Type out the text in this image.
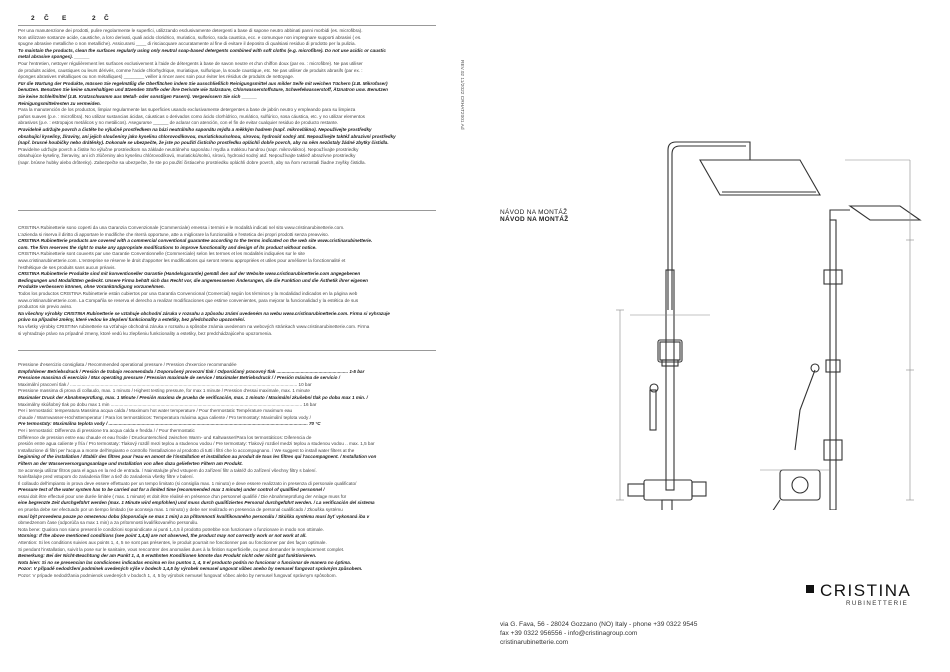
2 Č E	2 Č
Per una manutenzione dei prodotti, pulire regolarmente le superfici, utilizzando esclusivamente detergenti a base di sapone neutro abbinati panni morbidi (es. microfibra).
Non utilizzare sostanze acide, caustiche, a loro derivati, quali acido cloridrico, muriatico, sulforico, soda caustica, ecc. e comunque non impregnare supporti abrasivi ( es.
spugne abrasive metalliche o non metalliche). Assicurarsi ____ di risciacquare accuratamente al fine di evitare il deposito di qualsiasi residuo di prodotto per la pulizia.
To maintain the products, clean the surfaces regularly using only neutral soap-based detergents combined with soft cloths (e.g. microfibre). Do not use acidic or caustic
metal abrasive sponges). ______
Pour l'entretien, nettoyer régulièrement les surfaces exclusivement à l'aide de détergents à base de savon neutre et d'un chiffon doux (par ex. : microfibre). Ne pas utiliser
de produits acides, caustiques ou leurs dérivés, comme l'acide chlorhydrique, muriatique, sulfurique, la soude caustique, etc. Ne pas utiliser de produits abrasifs (par ex. :
éponges abrasives métalliques ou non métalliques) ________ veiller à rincer avec soin pour éviter les résidus de produits de nettoyage.
Für die Wartung der Produkte, müssen Sie regelmäßig die Oberflächen indem Sie ausschließlich Reinigungsmittel aus milder Seife mit weichen Tüchern (z.B. Mikrofaser)
benutzen. Benutzen Sie keine säurehaltigen und ätzenden Stoffe oder ihre Derivate wie Salzsäure, Chlorwasserstoffsäure, Schwefelwasserstoff, Ätznatron usw. Benutzen
Sie keine Schleifmittel (z.B. Kratzschwamm aus Metall- oder sonstigen Fasern). Vergewissern Sie sich ______
Reinigungsmittelresten zu vermeiden.
Para la manutención de los productos, limpiar regularmente las superficies usando exclusivamente detergentes a base de jabón neutro y empleando para su limpieza
paños suaves (p.e. : microfibra). No utilizar sustancias ácidas, cáusticas o derivados como ácido clorhídrico, muriático, sulfúrico, sosa cáustica, etc. y no utilizar elementos
abrasivos (p.e. : estropajos metálicos y no metálicos). Asegurarse ______ de aclarar con atención, con el fin de evitar cualquier residuo de producto restante.
Pravidelně udržujte povrch a čistěte ho výlučně prostředkem na bázi neutrálního saponátu mýdla a měkkým hadrem (např. mikrovlákno). Nepoužívejte prostředky
obsahující kyseliny, žíraviny, ani jejich sloučeniny jako kyselinu chlorovodíkovou, muriatickou/solnou, sírovou, hydroxid sodný atd. Nepoužívejte taktéž abrazivní prostředky
(např. brusné houbičky nebo drátěnky). Dokonale se ubezpečte, že jste po použití čisticího prostředku opláchli dobře povrch, aby na něm nezůstaly žádné zbytky čistidla.
Pravidelne udržujte povrch a čistite ho výlučne prostriedkom na základe neutrálneho saponátu / mydla a mäkkou handrou (napr. mikrovlákno). Nepoužívajte prostriedky
obsahujúce kyseliny, žieraviny, ani ich zlúčeniny ako kyselinu chlórovodíkovú, muriatickú/solnú, sírovú, hydroxid sodný atď. Nepoužívajte taktiež abrazívne prostriedky
(napr. brúsne hubky alebo drôtenky). Zabezpečte sa ubezpečte, že ste po použití čistiaceho prostriedku opláchli dobre povrch, aby na ňom nezostali žiadne zvyšky čistidla.
CRISTINA Rubinetterie sono coperti da una Garanzia Convenzionale (Commerciale) emessa i termini e le modalità indicati nel sito www.cristinarubinetterie.com.
L'azienda si riserva il diritto di apportare le modifiche che riterrà opportune, atte a migliorare la funzionalità e l'estetica dei propri prodotti senza preavviso.
CRISTINA Rubinetterie products are covered with a commercial conventional guarantee according to the terms indicated on the web site www.cristinarubinetterie.
com. The firm reserves the right to make any appropriate modifications to improve functionality and design of its product without notice.
CRISTINA Rubinetterie sont couverts par une Garantie Conventionnelle (Commerciale) selon les termes et les modalités indiquées sur le site
www.cristinarubinetterie.com. L'entreprise se réserve le droit d'apporter les modifications qui seront retenu appropriées et utiles pour améliorer la fonctionnalité et
l'esthétique de ses produits sans aucun préavis.
CRISTINA Rubinetterie Produkte sind mit konventioneller Garantie (Handelsgarantie) gemäß den auf der Website www.cristinarubinetterie.com angegebenen
Bedingungen und Modalitäten gedeckt. Unsere Firma behält sich das Recht vor, die angemessenen Änderungen, die die Funktion und die Ästhetik ihrer eigenen
Produkte verbessern können, ohne Vorankündigung vorzunehmen.
Todos los productos CRISTINA Rubinetterie están cubiertos por una Garantía Convencional (Comercial) según los términos y la modalidad indicados en la página web
www.cristinarubinetterie.com. La Compañía se reserva el derecho a realizar modificaciones que estime convenientes, para mejorar la funcionalidad y la estética de sus
productos sin previo aviso.
Na všechny výrobky CRISTINA Rubinetterie se vztahuje obchodní záruka v rozsahu a způsobu známí uvedeném na webu www.cristinarubinetterie.com. Firma si vyhrazuje
právo na případné změny, které vedou ke zlepšení funkcionality a estetiky, bez předchozího upozornění.
Na všetky výrobky CRISTINA rubinetterie sa vzťahuje obchodná záruka v rozsahu a spôsobe známia uvedenom na webových stránkach www.cristinarubinetterie.com. Firma
si vyhradzuje právo na prípadné zmeny, ktoré vedú ku zlepšeniu funkcionality a estetiky, bez predchádzajúceho upozornenia.
Pressione d'esercizio consigliata / Recommended operational pressure / Pression d'exercice recommandée
Empfohlener Betriebsdruck / Presión de trabajo recomendada / Doporučený provozní tlak / Odporúčaný pracovný tlak ........................................................ 1-5 bar
Pressione massima di esercizio / Max operating pressure / Pression maximale de service / Maximaler Betriebsdruck / / Presión máxima de servicio /
Maximální pracovní tlak / .................................................................................................................................................................................. 10 bar
Pressione massima di prova di collaudo, max. 1 minuto / Highest testing pressure, for max 1 minute / Pression d'essai maximale, max. 1 minute
Maximaler Druck der Abnahmeprüfung, max. 1 Minute / Presión maxima de prueba de verificación, max. 1 minuto / Maximální zkušební tlak po dobu max 1 min. /
Maximálny skúšobný tlak po dobu max 1 min ...................................................................................................................................................... 16 bar
Per i termostatici: temperatura Massima acqua calda / Maximum hot water temperature / Pour thermostatic Température maximum eau
chaude / Warmwasser-Höchsttemperatur / Para los termostáticos: Temperatura máxima agua caliente / Pro termostaty: Maximální teplota vody /
Pre termostaty: Maximálna teplota vody / ............................................................................................................................................................ 70 °C
Per i termostatici: Differenza di pressione tra acqua calda e fredda / / Pour thermostatic
Différence de pression entre eau chaude et eau froide / Druckunterschied zwischen Warm- und Kaltwasser/Para los termostáticos: Diferencia de
presión entre agua caliente y fría / Pro termostaty: Tlakový rozdíl mezi teplou a studenou vodou / Pre termostaty: Tlakový rozdiel medzi teplou a studenou vodou .. max. 1,5 bar
Installazione di filtri per l'acqua a monte dell'impianto e controllo l'installazione al prodotto di tutti i filtri che lo accompagnano. / We suggest to install water filters at the
beginning of the installation / Établir des filtres pour l'eau en amont de l'installation et installation au produit de tous les filtres qui l'accompagnent. / Installation von
Filtern an der Wasserversorgungsanlage und Installation von allen dazu gelieferten Filtern am Produkt.
Se aconseja utilizar filtros para el agua en la red de entrada. / Nainstalujte před vstupem do zařízení filtr a taktéž do zařízení všechny filtry s balení.
Nainštalujte pred vstupom do zariadenia filter a tiež do zariadenia všetky filtre v balení.
Il collaudo dell'impianto in prova deve essere effettuato per un tempo limitato (si consiglia max. 1 minuto) e deve essere realizzato in presenza di personale qualificato/
Pressure test of the water system has to be carried out for a limited time (recommended max 1 minute) under control of qualified personnel /
essai doit être effectué pour une durée limitée ( max. 1 minute) et doit être réalisé en présence d'un personnel qualifié / Die Abnahmeprüfung der Anlage muss für
eine begrenzte Zeit durchgeführt werden (max. 1 Minute wird empfohlen) und muss durch qualifiziertes Personal durchgeführt werden. / La verificación del sistema
en prueba debe ser efectuado por un tiempo limitado (se aconseja max. 1 minuto) y debe ser realizado en presencia de personal cualificado / Zkouška systému
musí být provedena pouze po omezenou dobu (doporučuje se max 1 min) a za přítomnosti kvalifikovaného personálu / Skúška systému musí byť vykonaná iba v
obmedzenom čase (odporúča sa max 1 min) a za prítomnosti kvalifikovaného personálu.
Nota bene: Qualora non siano presenti le condizioni sopraindicate ai punti 1,4,5 il prodotto potrebbe non funzionare o funzionare in modo non ottimale.
Warning: If the above mentioned conditions (see point 1,4,5) are not observed, the product may not correctly work or not work at all.
Attention: Si les conditions suivies aux points 1, 4, 5 ne sont pas présentes, le produit pourrait ne fonctionner pas ou fonctionner par des façon optimale.
Si pendant l'installation, suivit la pose sur le sanitaire, vous rencontrer des anomalies dues à la finition superficielle, ou peut demander le remplacement complet.
Bemerkung: Bei der Nicht-Beachtung der am Punkt 1, 4, 5 erwähnten Konditionen könnte das Produkt nicht oder nicht gut funktionieren.
Nota bien: Si no se presencian las condiciones indicadas encima en los puntos 1, 4, 5 el producto podría no funcionar o funcionar de manera no óptima.
Pozor: V případě nedodržení podmínek uvedených výše v bodech 1,4,5 by výrobek nemusel ungovat vůbec anebo by nemusel fungovat správným způsobem.
Pozor: V prípade nedodržania podmienok uvedených v bodoch 1, 4, 5 by výrobok nemusel fungovať vôbec alebo by nemusel fungovať správnym spôsobom.
REV.02 11/2022 CRHAT2001 Ad
NÁVOD NA MONTÁŽ
NÁVOD NA MONTÁŽ
via G. Fava, 56 - 28024 Gozzano (NO) Italy - phone +39 0322 9545
fax +39 0322 956556 - info@cristinagroup.com
cristinarubinetterie.com
CRISTINA
RUBINETTERIE
